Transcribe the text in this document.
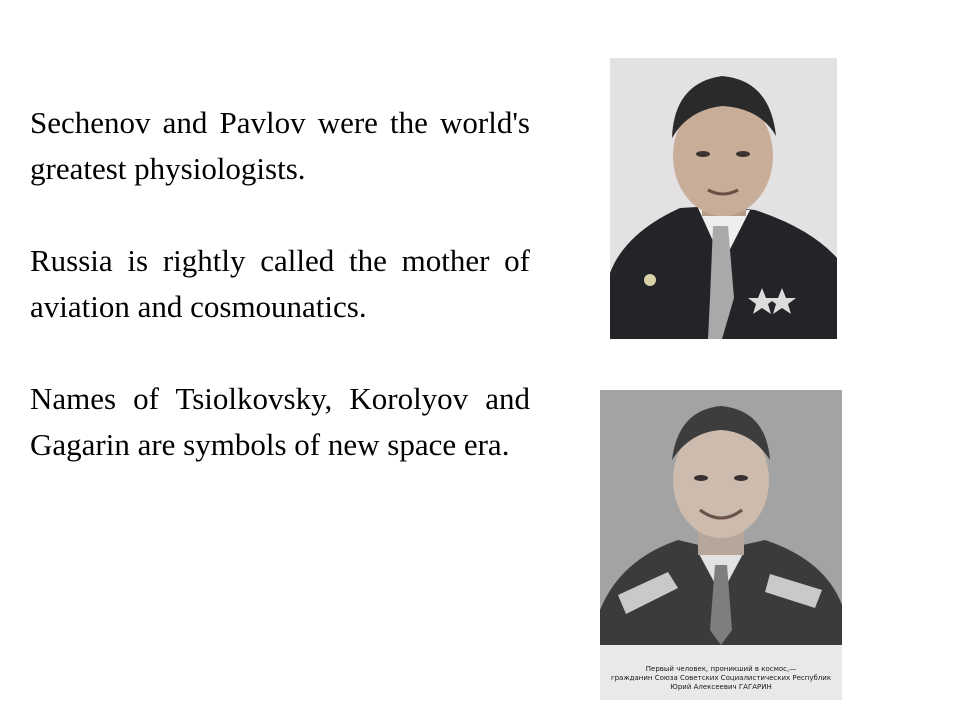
Sechenov and Pavlov were the world's greatest physiologists.

Russia is rightly called the mother of aviation and cosmounatics.

Names of Tsiolkovsky, Korolyov and Gagarin are symbols of new space era.

Первый человек, проникший в космос,—
гражданин Союза Советских Социалистических Республик
Юрий Алексеевич ГАГАРИН
